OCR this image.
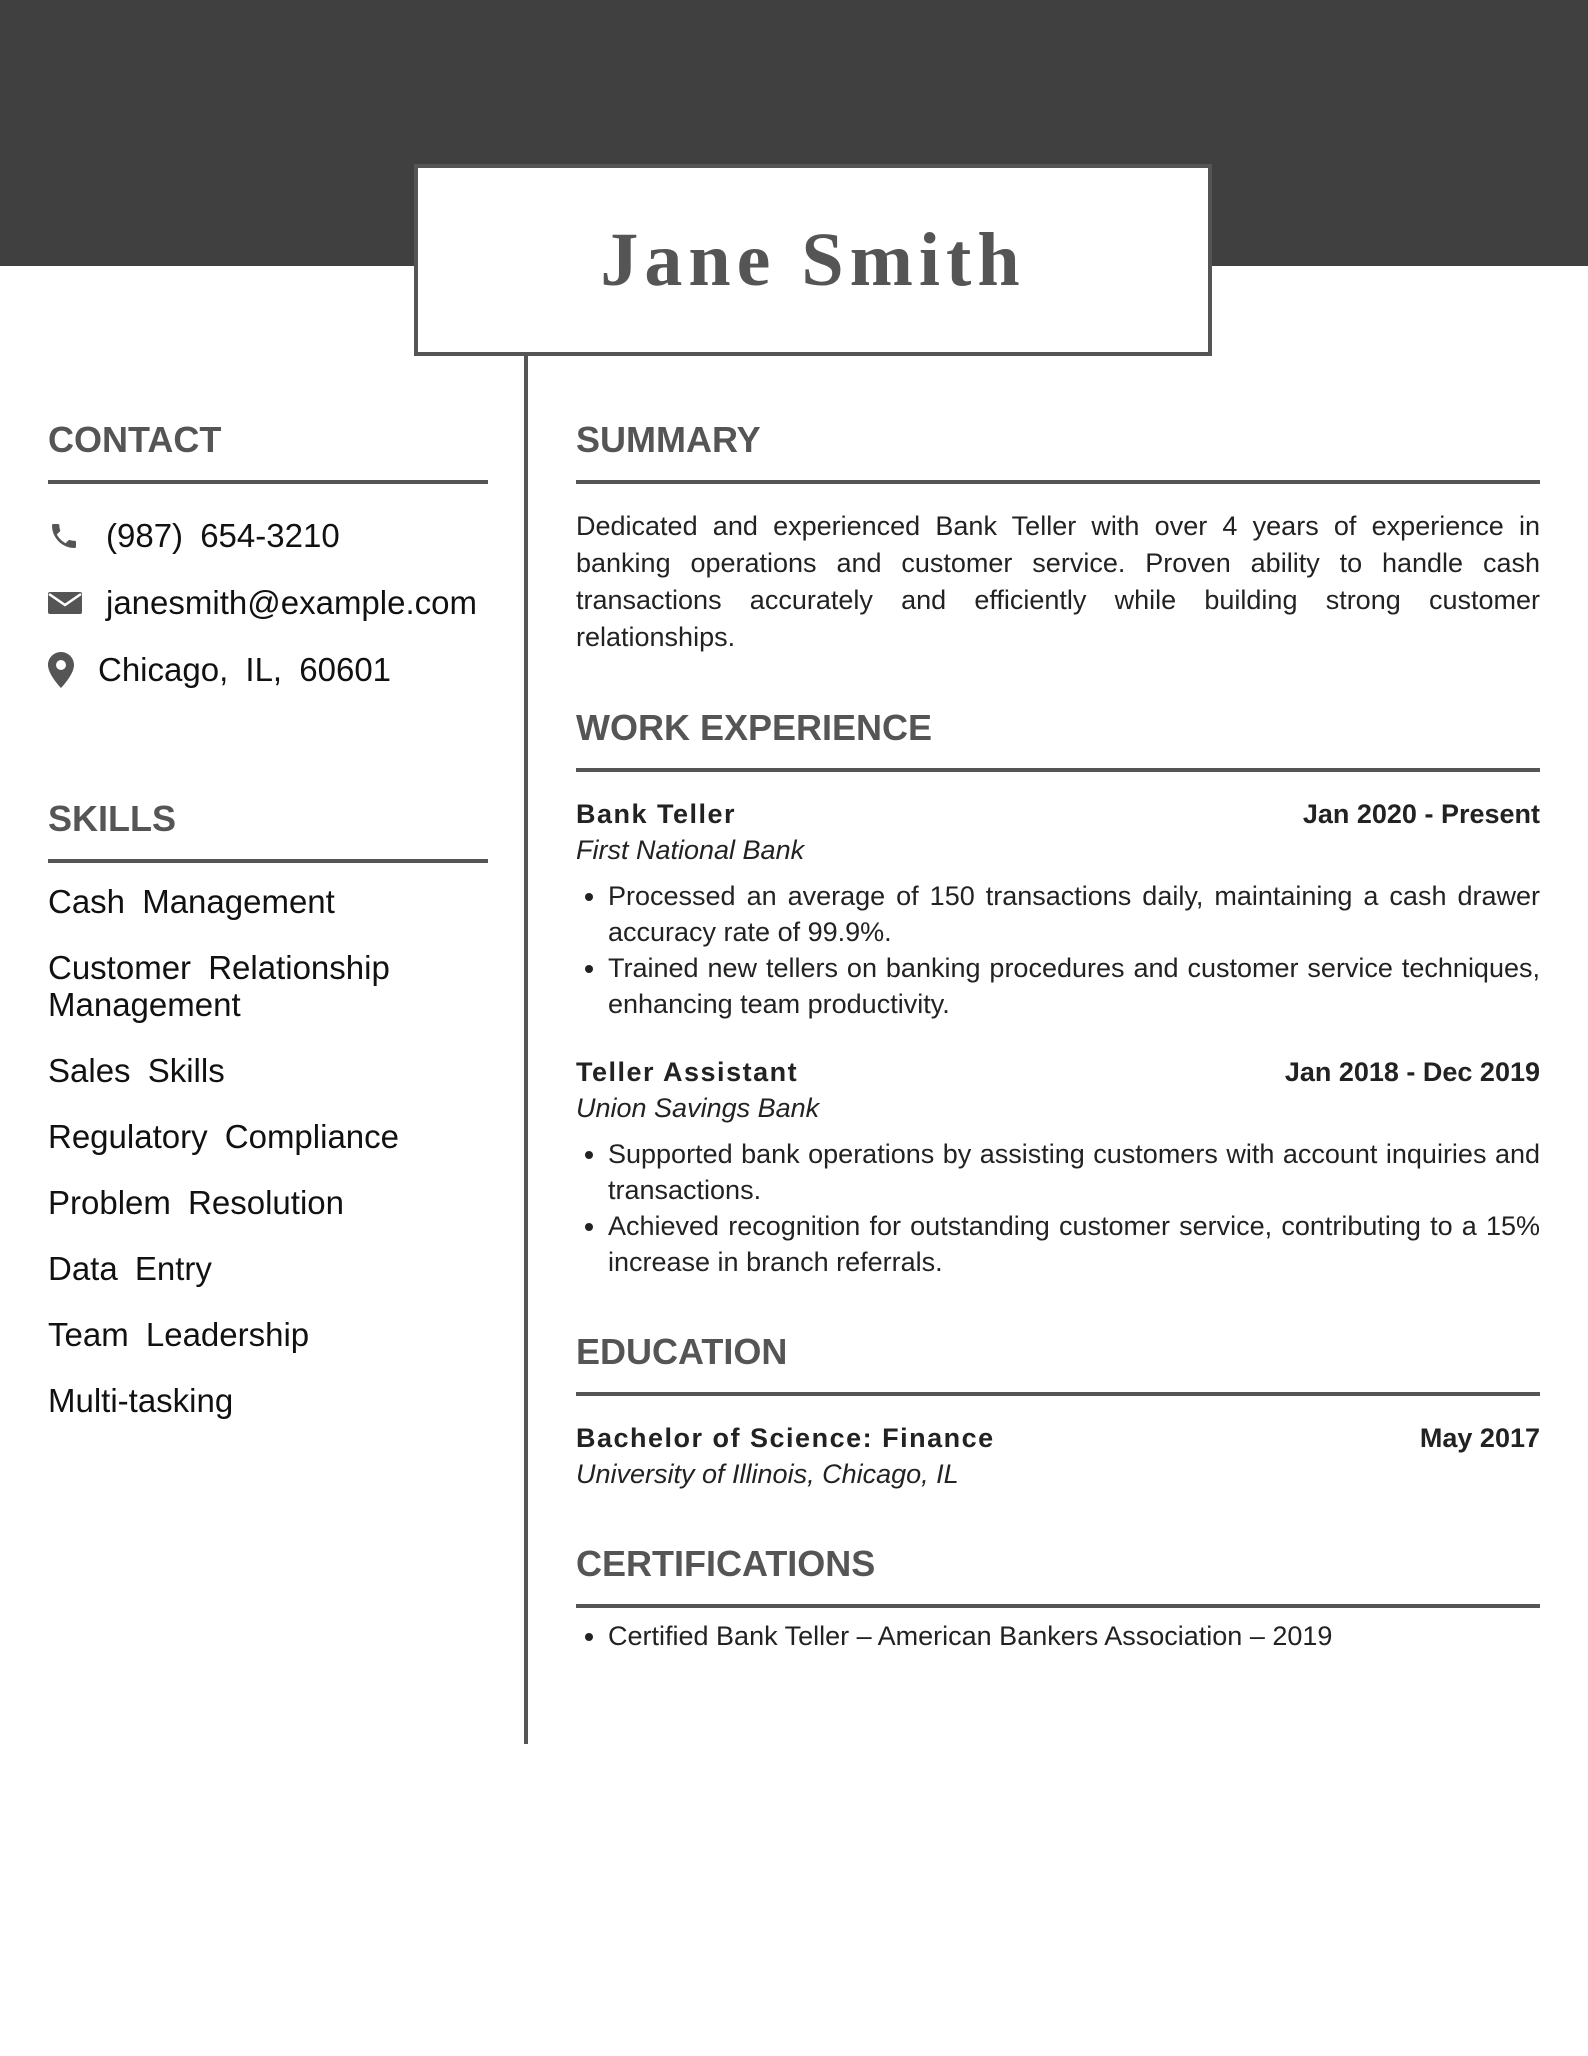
Jane Smith
CONTACT
(987) 654-3210
janesmith@example.com
Chicago, IL, 60601
SKILLS
Cash Management
Customer Relationship Management
Sales Skills
Regulatory Compliance
Problem Resolution
Data Entry
Team Leadership
Multi-tasking
SUMMARY
Dedicated and experienced Bank Teller with over 4 years of experience in banking operations and customer service. Proven ability to handle cash transactions accurately and efficiently while building strong customer relationships.
WORK EXPERIENCE
Bank Teller	Jan 2020 - Present
First National Bank
• Processed an average of 150 transactions daily, maintaining a cash drawer accuracy rate of 99.9%.
• Trained new tellers on banking procedures and customer service techniques, enhancing team productivity.
Teller Assistant	Jan 2018 - Dec 2019
Union Savings Bank
• Supported bank operations by assisting customers with account inquiries and transactions.
• Achieved recognition for outstanding customer service, contributing to a 15% increase in branch referrals.
EDUCATION
Bachelor of Science: Finance	May 2017
University of Illinois, Chicago, IL
CERTIFICATIONS
• Certified Bank Teller – American Bankers Association – 2019
